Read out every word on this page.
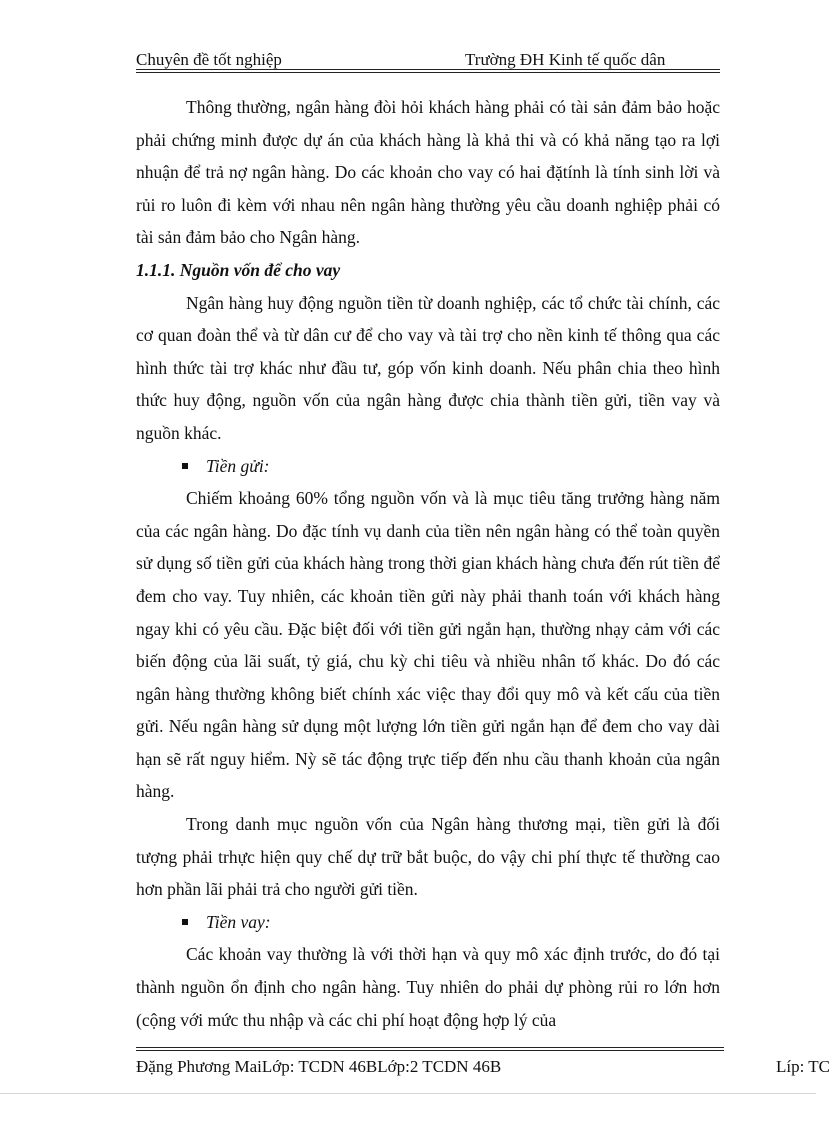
Chuyên đề tốt nghiệp	Trường ĐH Kinh tế quốc dân

Thông thường, ngân hàng đòi hỏi khách hàng phải có tài sản đảm bảo hoặc phải chứng minh được dự án của khách hàng là khả thi và có khả năng tạo ra lợi nhuận để trả nợ ngân hàng. Do các khoản cho vay có hai đặtính là tính sinh lời và rủi ro luôn đi kèm với nhau nên ngân hàng thường yêu cầu doanh nghiệp phải có tài sản đảm bảo cho Ngân hàng.

1.1.1. Nguồn vốn để cho vay

Ngân hàng huy động nguồn tiền từ doanh nghiệp, các tổ chức tài chính, các cơ quan đoàn thể và từ dân cư để cho vay và tài trợ cho nền kinh tế thông qua các hình thức tài trợ khác như đầu tư, góp vốn kinh doanh. Nếu phân chia theo hình thức huy động, nguồn vốn của ngân hàng được chia thành tiền gửi, tiền vay và nguồn khác.

Tiền gửi:

Chiếm khoảng 60% tổng nguồn vốn và là mục tiêu tăng trưởng hàng năm của các ngân hàng. Do đặc tính vụ danh của tiền nên ngân hàng có thể toàn quyền sử dụng số tiền gửi của khách hàng trong thời gian khách hàng chưa đến rút tiền để đem cho vay. Tuy nhiên, các khoản tiền gửi này phải thanh toán với khách hàng ngay khi có yêu cầu. Đặc biệt đối với tiền gửi ngắn hạn, thường nhạy cảm với các biến động của lãi suất, tỷ giá, chu kỳ chi tiêu và nhiều nhân tố khác. Do đó các ngân hàng thường không biết chính xác việc thay đổi quy mô và kết cấu của tiền gửi. Nếu ngân hàng sử dụng một lượng lớn tiền gửi ngắn hạn để đem cho vay dài hạn sẽ rất nguy hiểm. Nỳ sẽ tác động trực tiếp đến nhu cầu thanh khoản của ngân hàng.

Trong danh mục nguồn vốn của Ngân hàng thương mại, tiền gửi là đối tượng phải trhực hiện quy chế dự trữ bắt buộc, do vậy chi phí thực tế thường cao hơn phần lãi phải trả cho người gửi tiền.

Tiền vay:

Các khoản vay thường là với thời hạn và quy mô xác định trước, do đó tại thành nguồn ổn định cho ngân hàng. Tuy nhiên do phải dự phòng rủi ro lớn hơn (cộng với mức thu nhập và các chi phí hoạt động hợp lý của

Đặng Phương MaiLớp: TCDN 46BLớp:2 TCDN 46B	Líp: TC
